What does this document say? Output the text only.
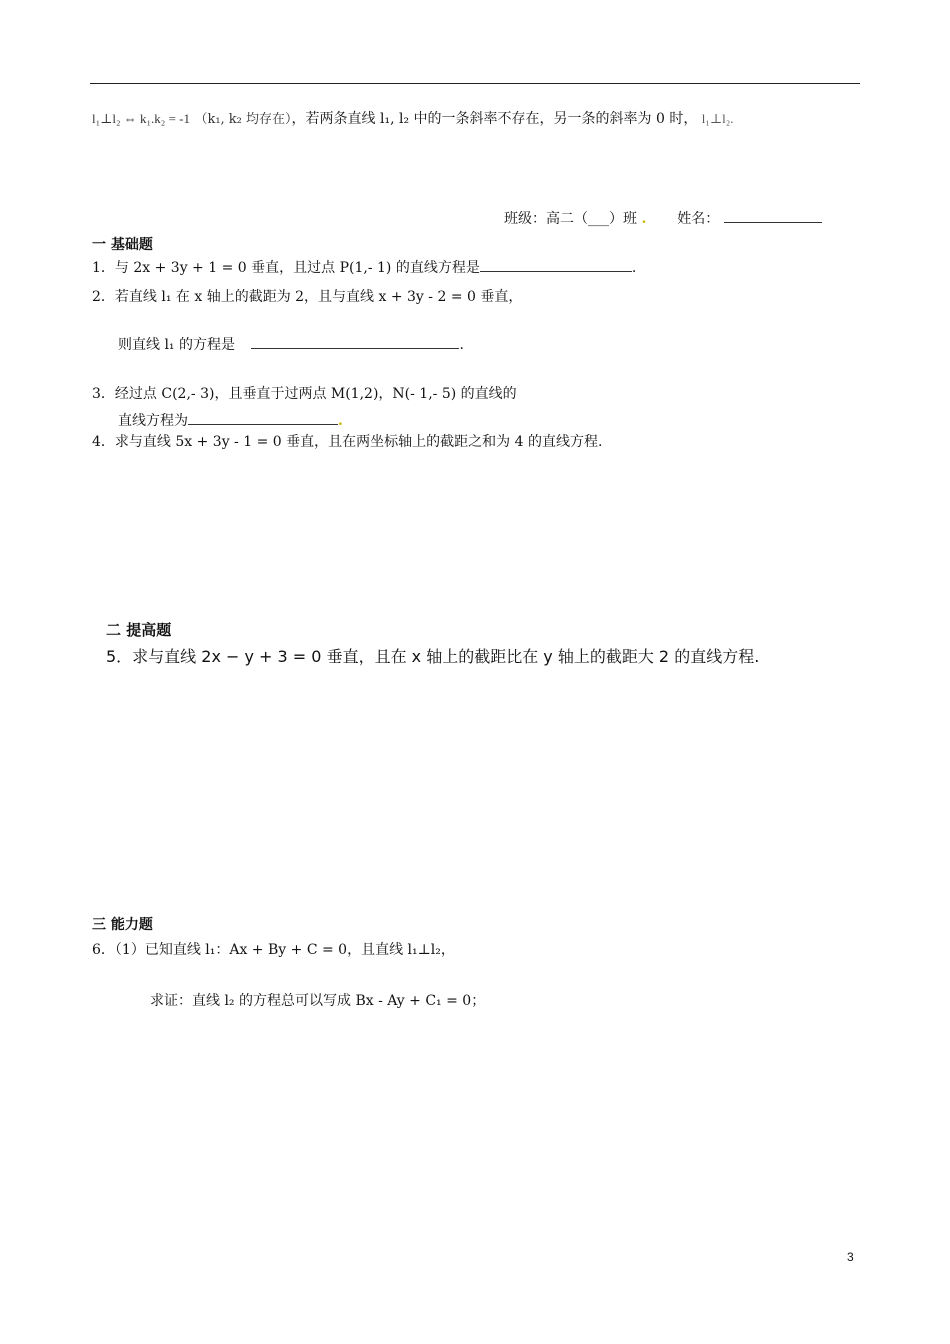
l₁⊥l₂ ⇔ k₁.k₂ = -1 （k₁, k₂ 均存在），若两条直线 l₁, l₂ 中的一条斜率不存在，另一条的斜率为 0 时， l₁⊥l₂.
班级：高二（___）班 . 姓名：
一 基础题
1．与 2x + 3y + 1 = 0 垂直，且过点 P(1,- 1) 的直线方程是	.
2．若直线 l₁ 在 x 轴上的截距为 2，且与直线 x + 3y - 2 = 0 垂直，
则直线 l₁ 的方程是	.
3．经过点 C(2,- 3)，且垂直于过两点 M(1,2)，N(- 1,- 5) 的直线的
直线方程为	.
4．求与直线 5x + 3y - 1 = 0 垂直，且在两坐标轴上的截距之和为 4 的直线方程.
二 提高题
5．求与直线 2x − y + 3 = 0 垂直，且在 x 轴上的截距比在 y 轴上的截距大 2 的直线方程.
三 能力题
6．（1）已知直线 l₁：Ax + By + C = 0，且直线 l₁⊥l₂，
求证：直线 l₂ 的方程总可以写成 Bx - Ay + C₁ = 0；
3
